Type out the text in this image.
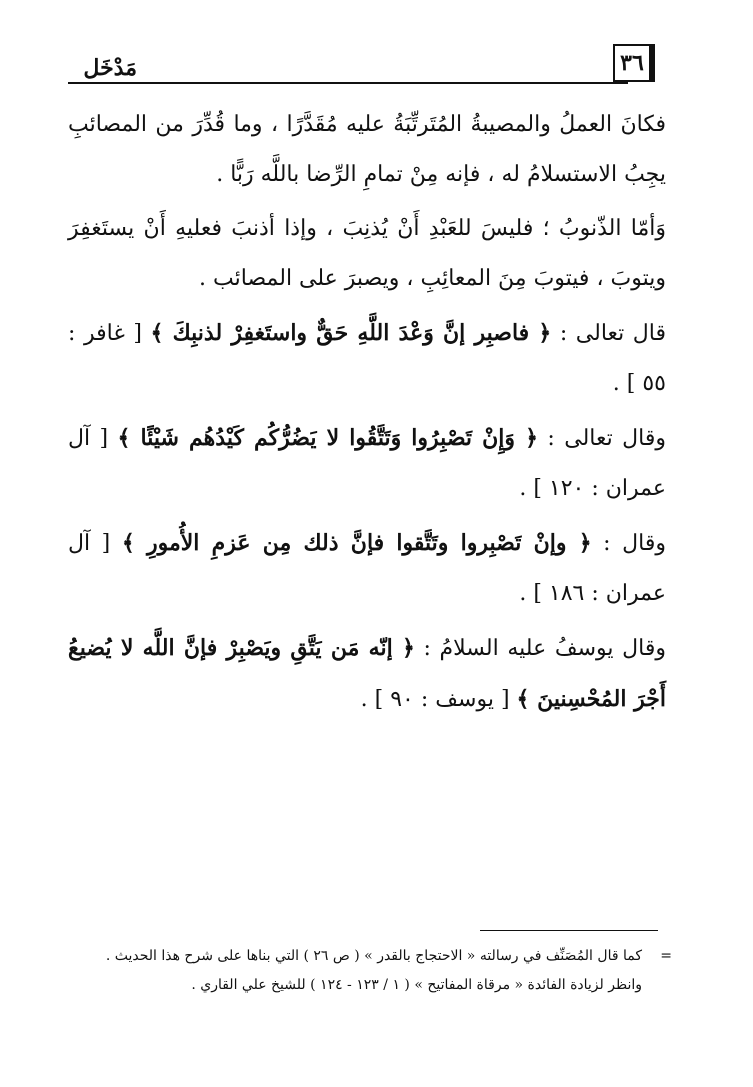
مَدْخَل	٣٦

فكانَ العملُ والمصيبةُ المُتَرتِّبَةُ عليه مُقَدَّرًا ، وما قُدِّرَ من المصائبِ يجِبُ الاستسلامُ له ، فإنه مِنْ تمامِ الرِّضا باللَّه رَبًّا .

وَأمّا الذّنوبُ ؛ فليسَ للعَبْدِ أَنْ يُذنِبَ ، وإذا أذنبَ فعليهِ أَنْ يستَغفِرَ ويتوبَ ، فيتوبَ مِنَ المعائِبِ ، ويصبرَ على المصائب .

قال تعالى : ﴿ فاصبِر إنَّ وَعْدَ اللَّهِ حَقٌّ واستَغفِرْ لذنبِكَ ﴾ [ غافر : ٥٥ ] .

وقال تعالى : ﴿ وَإِنْ تَصْبِرُوا وَتَتَّقُوا لا يَضُرُّكُم كَيْدُهُم شَيْئًا ﴾ [ آل عمران : ١٢٠ ] .

وقال : ﴿ وإنْ تَصْبِروا وتَتَّقوا فإنَّ ذلك مِن عَزمِ الأُمورِ ﴾ [ آل عمران : ١٨٦ ] .

وقال يوسفُ عليه السلامُ : ﴿ إنّه مَن يَتَّقِ ويَصْبِرْ فإنَّ اللَّه لا يُضيعُ أَجْرَ المُحْسِنينَ ﴾ [ يوسف : ٩٠ ] .

=
كما قال المُصَنِّف في رسالته « الاحتجاج بالقدر » ( ص ٢٦ ) التي بناها على شرح هذا الحديث .
وانظر لزيادة الفائدة « مرقاة المفاتيح » ( ١ / ١٢٣ - ١٢٤ ) للشيخ علي القاري .
